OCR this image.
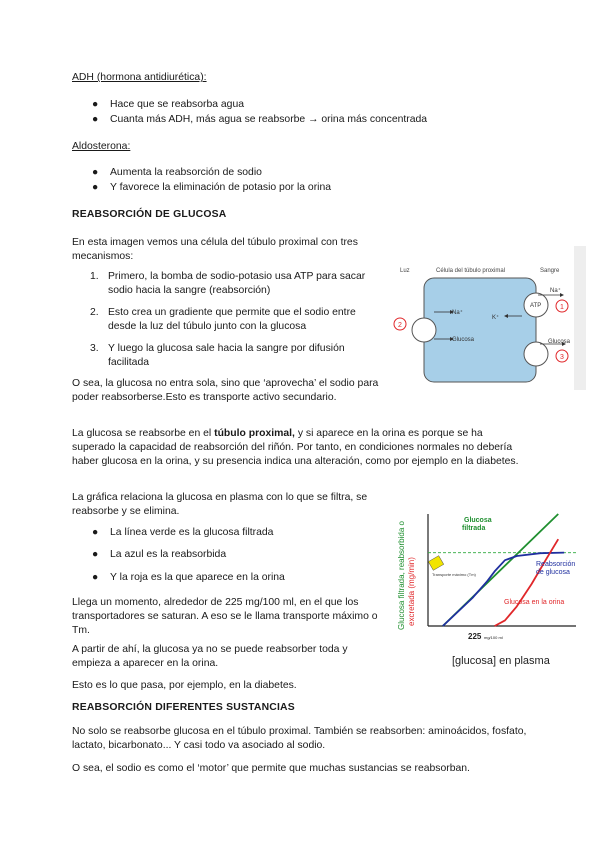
ADH (hormona antidiurética):
● Hace que se reabsorba agua
● Cuanta más ADH, más agua se reabsorbe → orina más concentrada
Aldosterona:
● Aumenta la reabsorción de sodio
● Y favorece la eliminación de potasio por la orina
REABSORCIÓN DE GLUCOSA
En esta imagen vemos una célula del túbulo proximal con tres mecanismos:
1. Primero, la bomba de sodio-potasio usa ATP para sacar sodio hacia la sangre (reabsorción)
2. Esto crea un gradiente que permite que el sodio entre desde la luz del túbulo junto con la glucosa
3. Y luego la glucosa sale hacia la sangre por difusión facilitada
O sea, la glucosa no entra sola, sino que ‘aprovecha’ el sodio para poder reabsorberse.Esto es transporte activo secundario.
Luz	Célula del túbulo proximal	Sangre
ATP
Na⁺
K⁺
Na⁺
Glucosa	Glucosa
1
2
3
La glucosa se reabsorbe en el túbulo proximal, y si aparece en la orina es porque se ha superado la capacidad de reabsorción del riñón. Por tanto, en condiciones normales no debería haber glucosa en la orina, y su presencia indica una alteración, como por ejemplo en la diabetes.
La gráfica relaciona la glucosa en plasma con lo que se filtra, se reabsorbe y se elimina.
● La línea verde es la glucosa filtrada
● La azul es la reabsorbida
● Y la roja es la que aparece en la orina
Llega un momento, alrededor de 225 mg/100 ml, en el que los transportadores se saturan. A eso se le llama transporte máximo o Tm.
A partir de ahí, la glucosa ya no se puede reabsorber toda y empieza a aparecer en la orina.
Esto es lo que pasa, por ejemplo, en la diabetes.
Glucosa filtrada, reabsorbida o excretada (mg/min)	Transporte máximo (Tm)
Glucosa filtrada
Reabsorción de glucosa
Glucosa en la orina
225 mg/100 ml
[glucosa] en plasma
REABSORCIÓN DIFERENTES SUSTANCIAS
No solo se reabsorbe glucosa en el túbulo proximal. También se reabsorben: aminoácidos, fosfato, lactato, bicarbonato... Y casi todo va asociado al sodio.
O sea, el sodio es como el ‘motor’ que permite que muchas sustancias se reabsorban.
